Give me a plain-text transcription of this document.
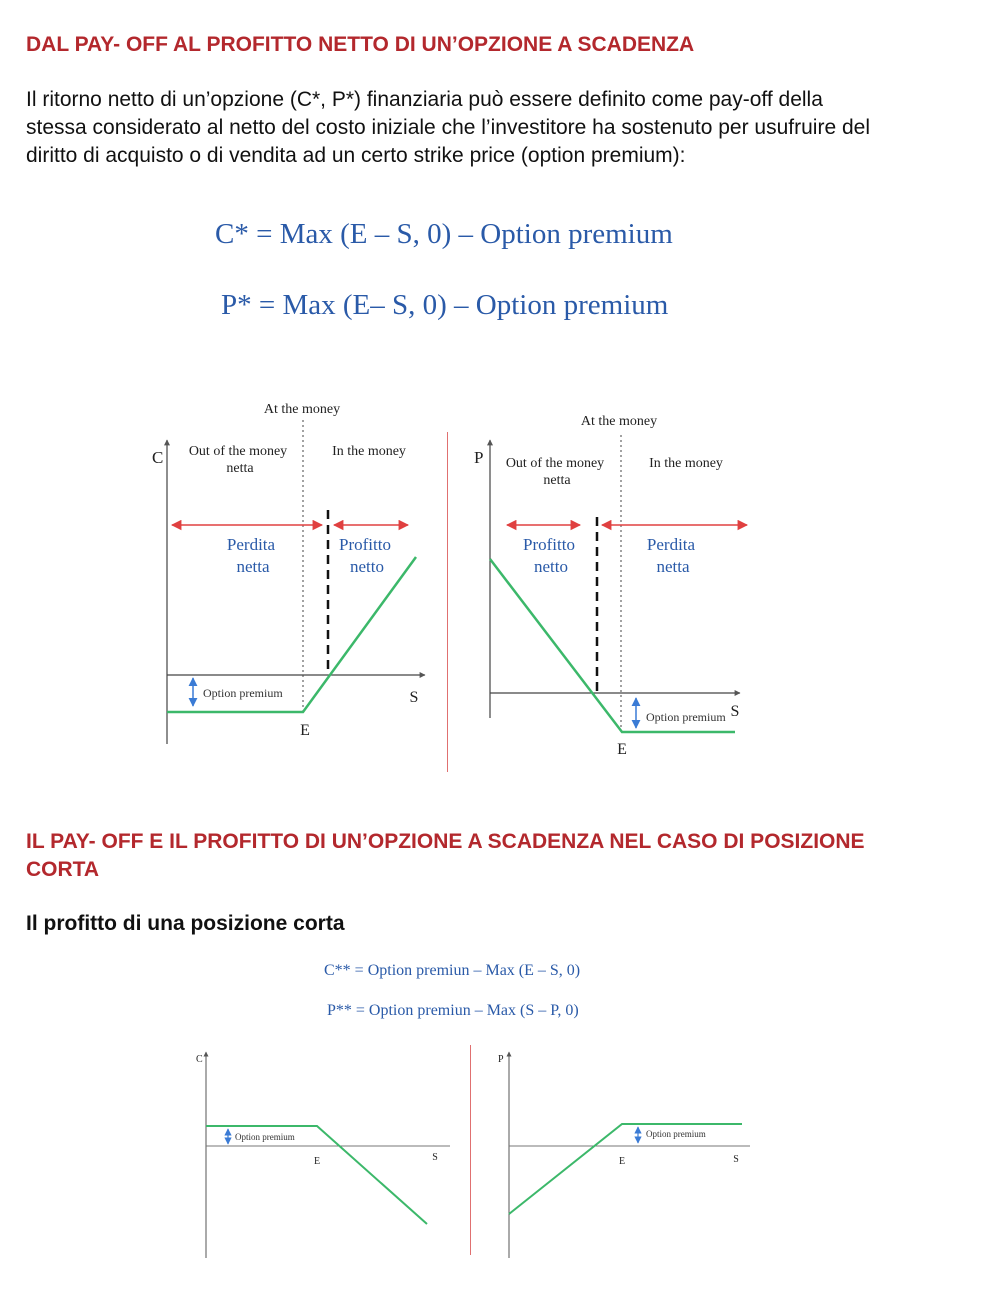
DAL PAY- OFF AL PROFITTO NETTO DI UN’OPZIONE A SCADENZA
Il ritorno netto di un’opzione (C*, P*) finanziaria può essere definito come pay-off della
stessa considerato al netto del costo iniziale che l’investitore ha sostenuto per usufruire del
diritto di acquisto o di vendita ad un certo strike price (option premium):
C* = Max (E – S, 0) – Option premium
P* = Max (E– S, 0) – Option premium
At the money
C Out of the money
netta
In the money
Perdita
netta
Profitto
netto
Option premium	S
E
At the money
P Out of the money
netta
In the money
Profitto
netto
Perdita
netta
Option premium S
E
IL PAY- OFF E IL PROFITTO DI UN’OPZIONE A SCADENZA NEL CASO DI POSIZIONE
CORTA
Il profitto di una posizione corta
C** = Option premiun – Max (E – S, 0)
P** = Option premiun – Max (S – P, 0)
Option premium
C
E	S
Option premium
P
E	S
